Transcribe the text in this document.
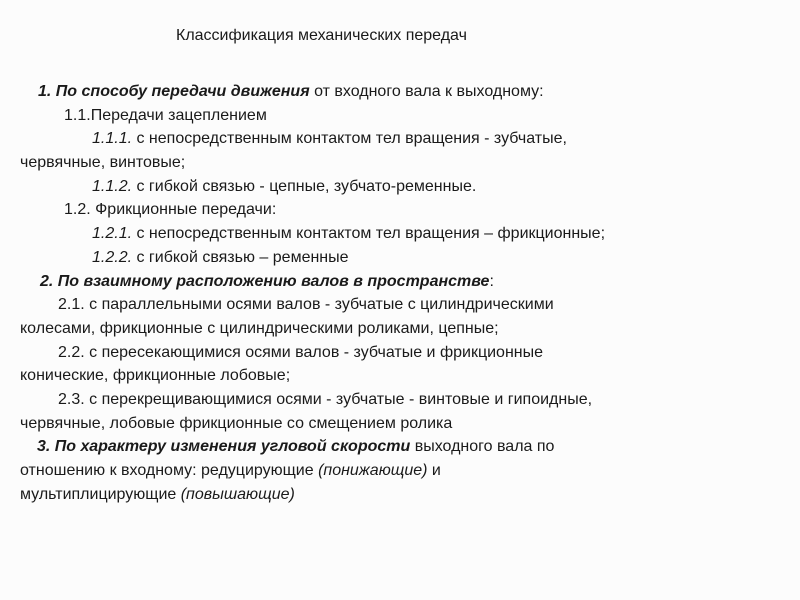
Классификация механических передач
1. По способу передачи движения от входного вала к выходному:
1.1.Передачи зацеплением
1.1.1. с непосредственным контактом тел вращения - зубчатые,
червячные, винтовые;
1.1.2. с гибкой связью - цепные, зубчато-ременные.
1.2. Фрикционные передачи:
1.2.1. с непосредственным контактом тел вращения – фрикционные;
1.2.2. с гибкой связью – ременные
2. По взаимному расположению валов в пространстве:
2.1. с параллельными осями валов - зубчатые с цилиндрическими
колесами, фрикционные с цилиндрическими роликами, цепные;
2.2. с пересекающимися осями валов - зубчатые и фрикционные
конические, фрикционные лобовые;
2.3. с перекрещивающимися осями - зубчатые - винтовые и гипоидные,
червячные, лобовые фрикционные со смещением ролика
3. По характеру изменения угловой скорости выходного вала по
отношению к входному: редуцирующие (понижающие) и
мультиплицирующие (повышающие)
